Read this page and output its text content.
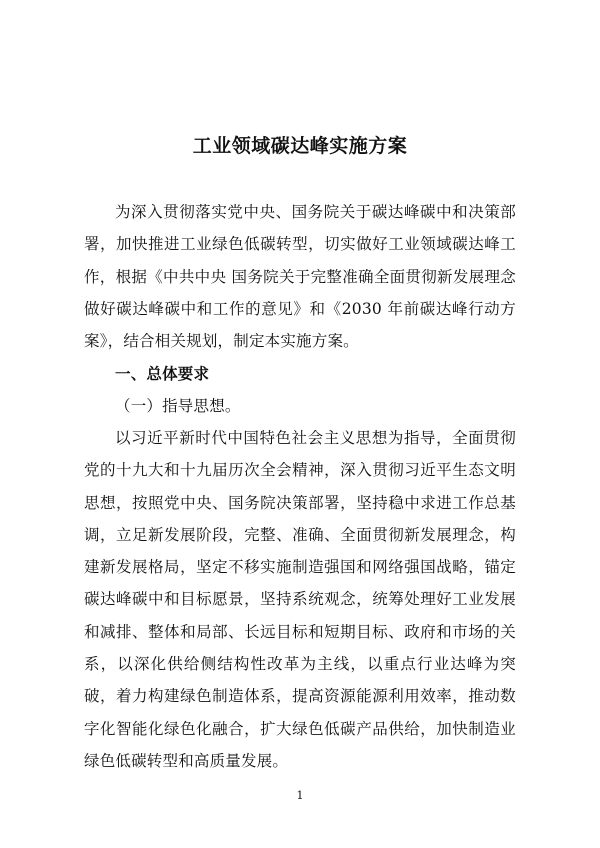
工业领域碳达峰实施方案

为深入贯彻落实党中央、国务院关于碳达峰碳中和决策部署，加快推进工业绿色低碳转型，切实做好工业领域碳达峰工作，根据《中共中央 国务院关于完整准确全面贯彻新发展理念做好碳达峰碳中和工作的意见》和《2030 年前碳达峰行动方案》，结合相关规划，制定本实施方案。

一、总体要求

（一）指导思想。

以习近平新时代中国特色社会主义思想为指导，全面贯彻党的十九大和十九届历次全会精神，深入贯彻习近平生态文明思想，按照党中央、国务院决策部署，坚持稳中求进工作总基调，立足新发展阶段，完整、准确、全面贯彻新发展理念，构建新发展格局，坚定不移实施制造强国和网络强国战略，锚定碳达峰碳中和目标愿景，坚持系统观念，统筹处理好工业发展和减排、整体和局部、长远目标和短期目标、政府和市场的关系，以深化供给侧结构性改革为主线，以重点行业达峰为突破，着力构建绿色制造体系，提高资源能源利用效率，推动数字化智能化绿色化融合，扩大绿色低碳产品供给，加快制造业绿色低碳转型和高质量发展。

1
